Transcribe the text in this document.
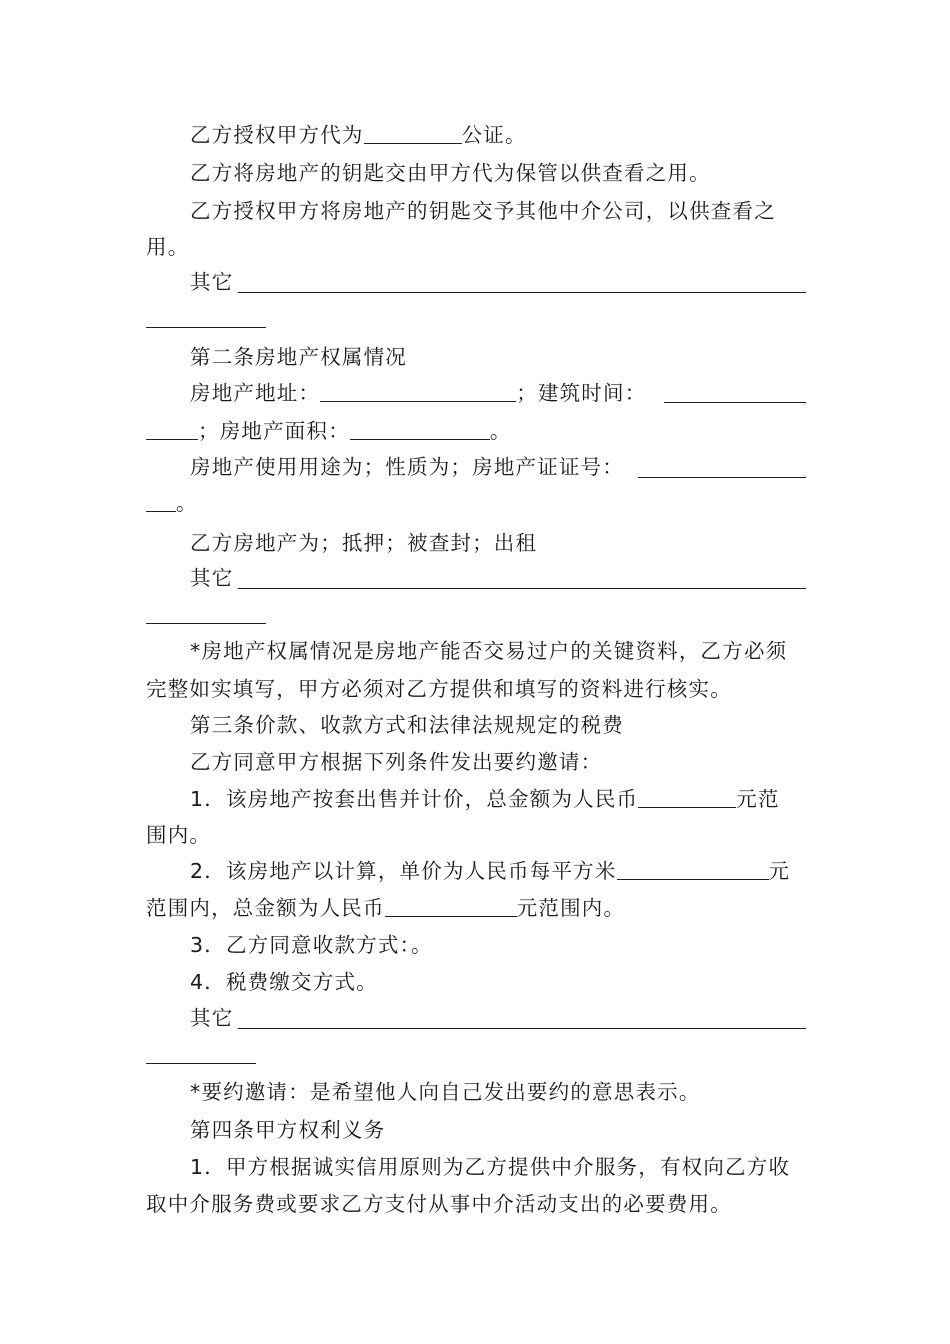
乙方授权甲方代为	公证。
乙方将房地产的钥匙交由甲方代为保管以供查看之用。
乙方授权甲方将房地产的钥匙交予其他中介公司，以供查看之
用。
其它
第二条房地产权属情况
房地产地址：	；建筑时间：
；房地产面积：	。
房地产使用用途为；性质为；房地产证证号：
。
乙方房地产为；抵押；被查封；出租
其它
*房地产权属情况是房地产能否交易过户的关键资料，乙方必须
完整如实填写，甲方必须对乙方提供和填写的资料进行核实。
第三条价款、收款方式和法律法规规定的税费
乙方同意甲方根据下列条件发出要约邀请：
1．该房地产按套出售并计价，总金额为人民币	元范
围内。
2．该房地产以计算，单价为人民币每平方米	元
范围内，总金额为人民币	元范围内。
3．乙方同意收款方式：。
4．税费缴交方式。
其它
*要约邀请：是希望他人向自己发出要约的意思表示。
第四条甲方权利义务
1．甲方根据诚实信用原则为乙方提供中介服务，有权向乙方收
取中介服务费或要求乙方支付从事中介活动支出的必要费用。
